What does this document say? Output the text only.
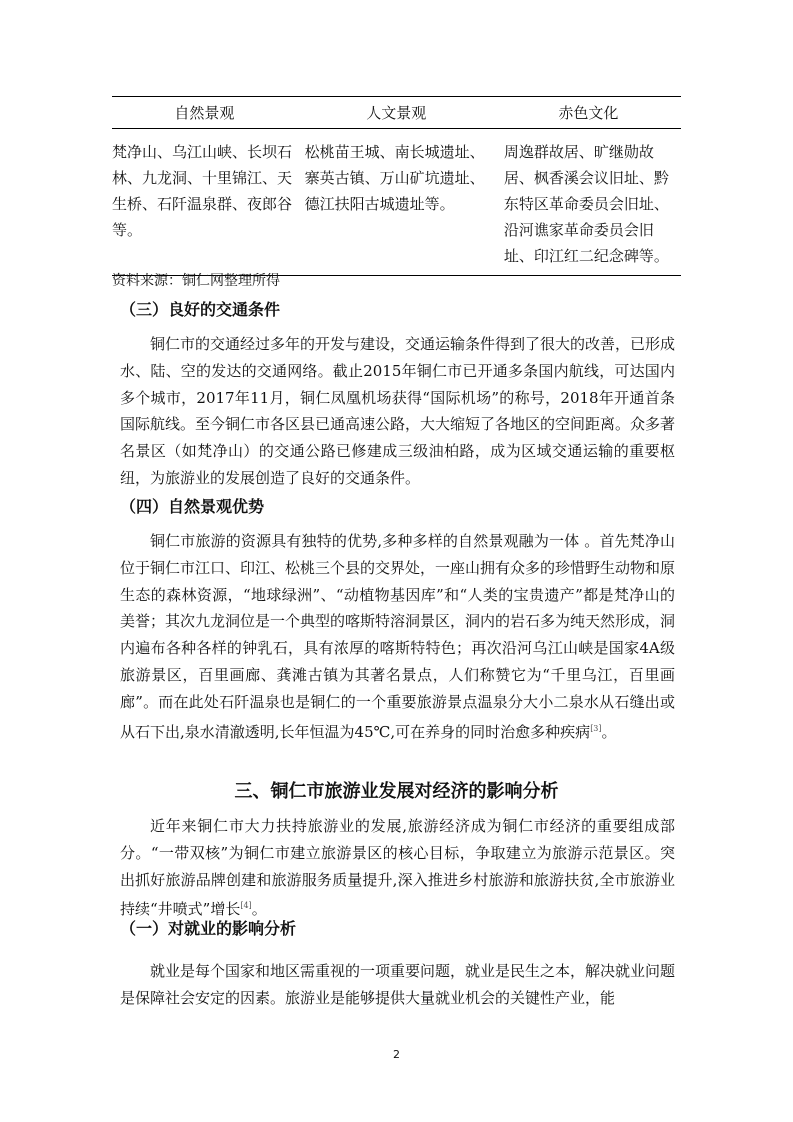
自然景观	人文景观	赤色文化
梵净山、乌江山峡、长坝石林、九龙洞、十里锦江、天生桥、石阡温泉群、夜郎谷等。	松桃苗王城、南长城遗址、寨英古镇、万山矿坑遗址、德江扶阳古城遗址等。	周逸群故居、旷继勋故居、枫香溪会议旧址、黔东特区革命委员会旧址、沿河谯家革命委员会旧址、印江红二纪念碑等。
资料来源：铜仁网整理所得
（三）良好的交通条件

铜仁市的交通经过多年的开发与建设，交通运输条件得到了很大的改善，已形成水、陆、空的发达的交通网络。截止2015年铜仁市已开通多条国内航线，可达国内多个城市，2017年11月，铜仁凤凰机场获得“国际机场”的称号，2018年开通首条国际航线。至今铜仁市各区县已通高速公路，大大缩短了各地区的空间距离。众多著名景区（如梵净山）的交通公路已修建成三级油柏路，成为区域交通运输的重要枢纽，为旅游业的发展创造了良好的交通条件。

（四）自然景观优势

铜仁市旅游的资源具有独特的优势,多种多样的自然景观融为一体 。首先梵净山位于铜仁市江口、印江、松桃三个县的交界处，一座山拥有众多的珍惜野生动物和原生态的森林资源，“地球绿洲”、“动植物基因库”和“人类的宝贵遗产”都是梵净山的美誉；其次九龙洞位是一个典型的喀斯特溶洞景区，洞内的岩石多为纯天然形成，洞内遍布各种各样的钟乳石，具有浓厚的喀斯特特色；再次沿河乌江山峡是国家4A级旅游景区，百里画廊、龚滩古镇为其著名景点，人们称赞它为“千里乌江，百里画廊”。而在此处石阡温泉也是铜仁的一个重要旅游景点温泉分大小二泉水从石缝出或从石下出,泉水清澈透明,长年恒温为45℃,可在养身的同时治愈多种疾病[3]。

三、铜仁市旅游业发展对经济的影响分析

近年来铜仁市大力扶持旅游业的发展,旅游经济成为铜仁市经济的重要组成部分。“一带双核”为铜仁市建立旅游景区的核心目标，争取建立为旅游示范景区。突出抓好旅游品牌创建和旅游服务质量提升,深入推进乡村旅游和旅游扶贫,全市旅游业持续“井喷式”增长[4]。

（一）对就业的影响分析

就业是每个国家和地区需重视的一项重要问题，就业是民生之本，解决就业问题是保障社会安定的因素。旅游业是能够提供大量就业机会的关键性产业，能

2
